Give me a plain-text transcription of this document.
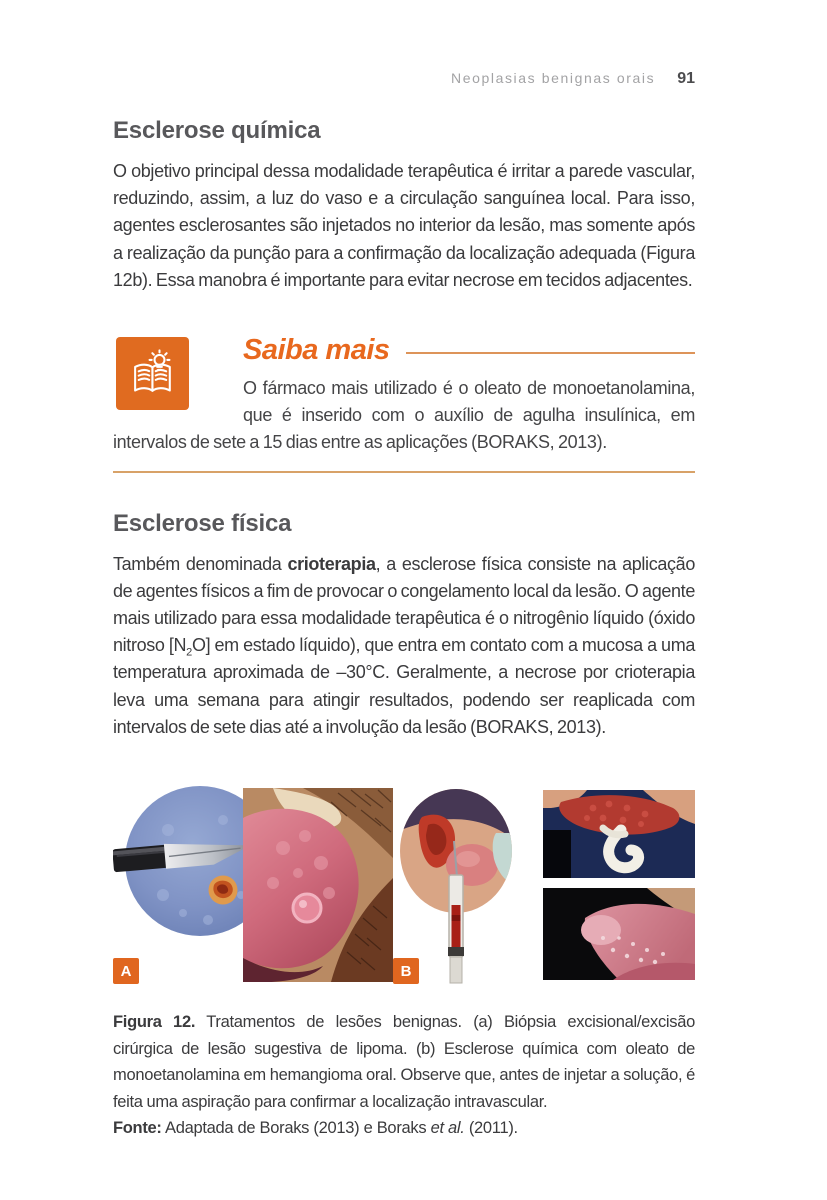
Neoplasias benignas orais 91
Esclerose química

O objetivo principal dessa modalidade terapêutica é irritar a parede vascular, reduzindo, assim, a luz do vaso e a circulação sanguínea local. Para isso, agentes esclerosantes são injetados no interior da lesão, mas somente após a realização da punção para a confirmação da localização adequada (Figura 12b). Essa manobra é importante para evitar necrose em tecidos adjacentes.

Saiba mais

O fármaco mais utilizado é o oleato de monoetanolamina, que é inserido com o auxílio de agulha insulínica, em intervalos de sete a 15 dias entre as aplicações (BORAKS, 2013).

Esclerose física

Também denominada crioterapia, a esclerose física consiste na aplicação de agentes físicos a fim de provocar o congelamento local da lesão. O agente mais utilizado para essa modalidade terapêutica é o nitrogênio líquido (óxido nitroso $[N_2O]$ em estado líquido), que entra em contato com a mucosa a uma temperatura aproximada de –30°C. Geralmente, a necrose por crioterapia leva uma semana para atingir resultados, podendo ser reaplicada com intervalos de sete dias até a involução da lesão (BORAKS, 2013).

A	B

Figura 12. Tratamentos de lesões benignas. (a) Biópsia excisional/excisão cirúrgica de lesão sugestiva de lipoma. (b) Esclerose química com oleato de monoetanolamina em hemangioma oral. Observe que, antes de injetar a solução, é feita uma aspiração para confirmar a localização intravascular.

Fonte: Adaptada de Boraks (2013) e Boraks et al. (2011).
